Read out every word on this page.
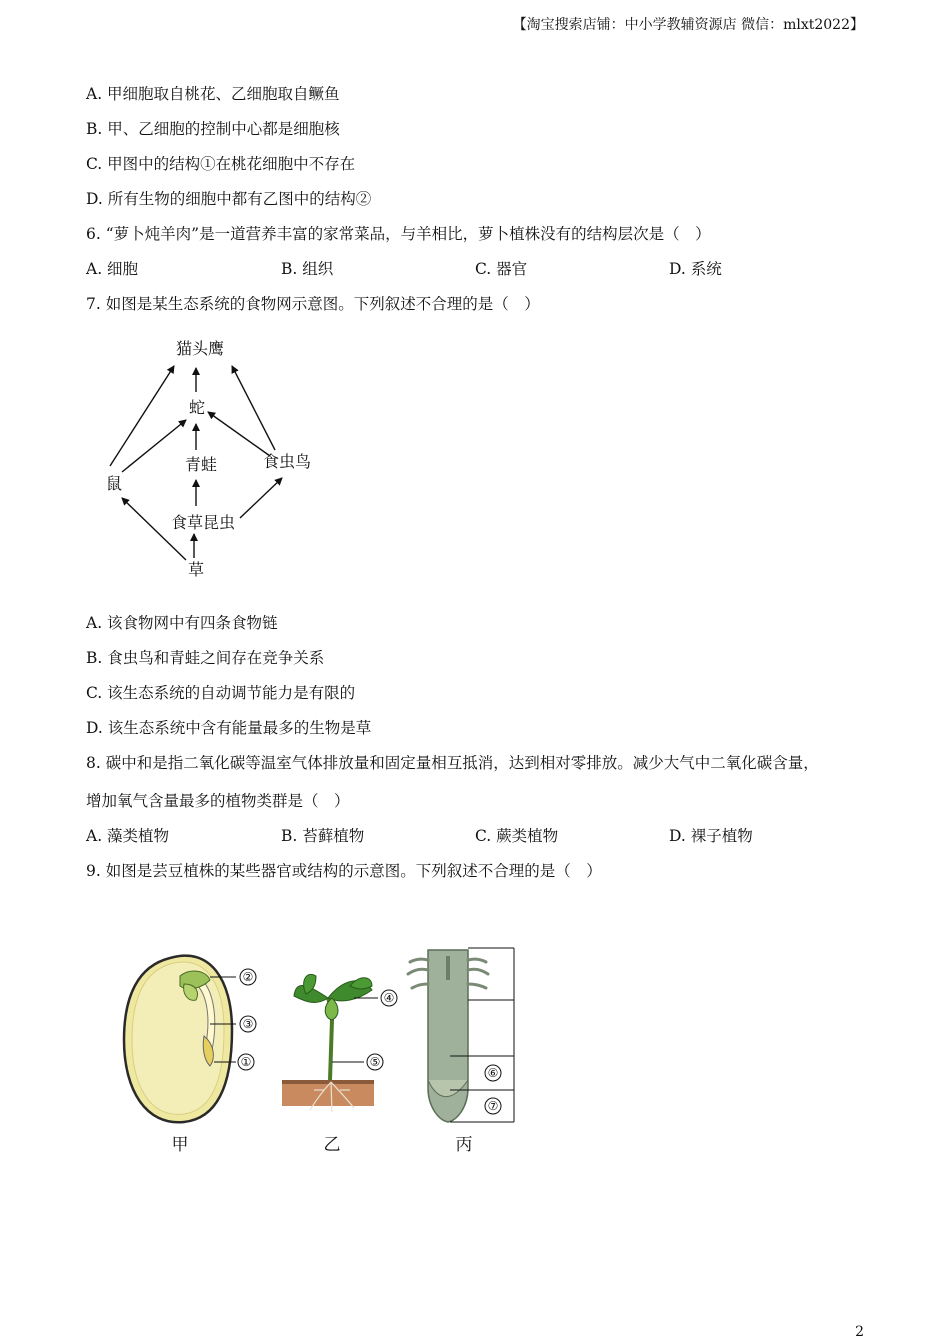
【淘宝搜索店铺：中小学教辅资源店 微信：mlxt2022】
A. 甲细胞取自桃花、乙细胞取自鳜鱼
B. 甲、乙细胞的控制中心都是细胞核
C. 甲图中的结构①在桃花细胞中不存在
D. 所有生物的细胞中都有乙图中的结构②
6. “萝卜炖羊肉”是一道营养丰富的家常菜品，与羊相比，萝卜植株没有的结构层次是（　）
A. 细胞	B. 组织	C. 器官	D. 系统
7. 如图是某生态系统的食物网示意图。下列叙述不合理的是（　）
猫头鹰
蛇
青蛙	食虫鸟
鼠
食草昆虫
草
A. 该食物网中有四条食物链
B. 食虫鸟和青蛙之间存在竞争关系
C. 该生态系统的自动调节能力是有限的
D. 该生态系统中含有能量最多的生物是草
8. 碳中和是指二氧化碳等温室气体排放量和固定量相互抵消，达到相对零排放。减少大气中二氧化碳含量，
增加氧气含量最多的植物类群是（　）
A. 藻类植物	B. 苔藓植物	C. 蕨类植物	D. 裸子植物
9. 如图是芸豆植株的某些器官或结构的示意图。下列叙述不合理的是（　）
②
③
①
④
⑤
⑥
⑦
甲	乙	丙
2
